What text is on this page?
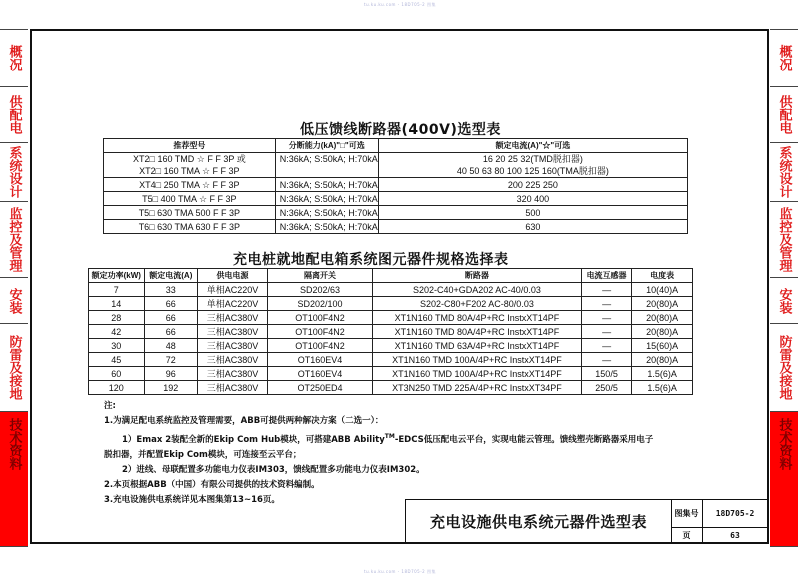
tu.ku.ku.com - 18D705-2 图集
概况
供配电
系统设计
监控及管理
安装
防雷及接地
技术资料
概况
供配电
系统设计
监控及管理
安装
防雷及接地
技术资料
低压馈线断路器(400V)选型表
推荐型号	分断能力(kA)"□"可选	额定电流(A)"☆"可选

XT2□ 160 TMD ☆ F F 3P 或
XT2□ 160 TMA ☆ F F 3P
	N:36kA; S:50kA; H:70kA	16 20 25 32(TMD脱扣器)
40 50 63 80 100 125 160(TMA脱扣器)

XT4□ 250 TMA ☆ F F 3P	N:36kA; S:50kA; H:70kA	200 225 250
T5□ 400 TMA ☆ F F 3P	N:36kA; S:50kA; H:70kA	320 400
T5□ 630 TMA 500 F F 3P	N:36kA; S:50kA; H:70kA	500
T6□ 630 TMA 630 F F 3P	N:36kA; S:50kA; H:70kA	630
充电桩就地配电箱系统图元器件规格选择表
额定功率(kW)	额定电流(A)	供电电源	隔离开关	断路器	电流互感器	电度表
7	33	单相AC220V	SD202/63	S202-C40+GDA202 AC-40/0.03	—	10(40)A
14	66	单相AC220V	SD202/100	S202-C80+F202 AC-80/0.03	—	20(80)A
28	66	三相AC380V	OT100F4N2	XT1N160 TMD 80A/4P+RC InstxXT14PF	—	20(80)A
42	66	三相AC380V	OT100F4N2	XT1N160 TMD 80A/4P+RC InstxXT14PF	—	20(80)A
30	48	三相AC380V	OT100F4N2	XT1N160 TMD 63A/4P+RC InstxXT14PF	—	15(60)A
45	72	三相AC380V	OT160EV4	XT1N160 TMD 100A/4P+RC InstxXT14PF	—	20(80)A
60	96	三相AC380V	OT160EV4	XT1N160 TMD 100A/4P+RC InstxXT14PF	150/5	1.5(6)A
120	192	三相AC380V	OT250ED4	XT3N250 TMD 225A/4P+RC InstxXT34PF	250/5	1.5(6)A
注:
1.为满足配电系统监控及管理需要，ABB可提供两种解决方案（二选一）：
1）Emax 2装配全新的Ekip Com Hub模块，可搭建ABB Ability™-EDCS低压配电云平台，实现电能云管理。馈线塑壳断路器采用电子
脱扣器，并配置Ekip Com模块，可连接至云平台；
2）进线、母联配置多功能电力仪表IM303，馈线配置多功能电力仪表IM302。
2.本页根据ABB（中国）有限公司提供的技术资料编制。
3.充电设施供电系统详见本图集第13~16页。
充电设施供电系统元器件选型表	图集号	18D705-2
页	63
tu.ku.ku.com - 18D705-2 图集
